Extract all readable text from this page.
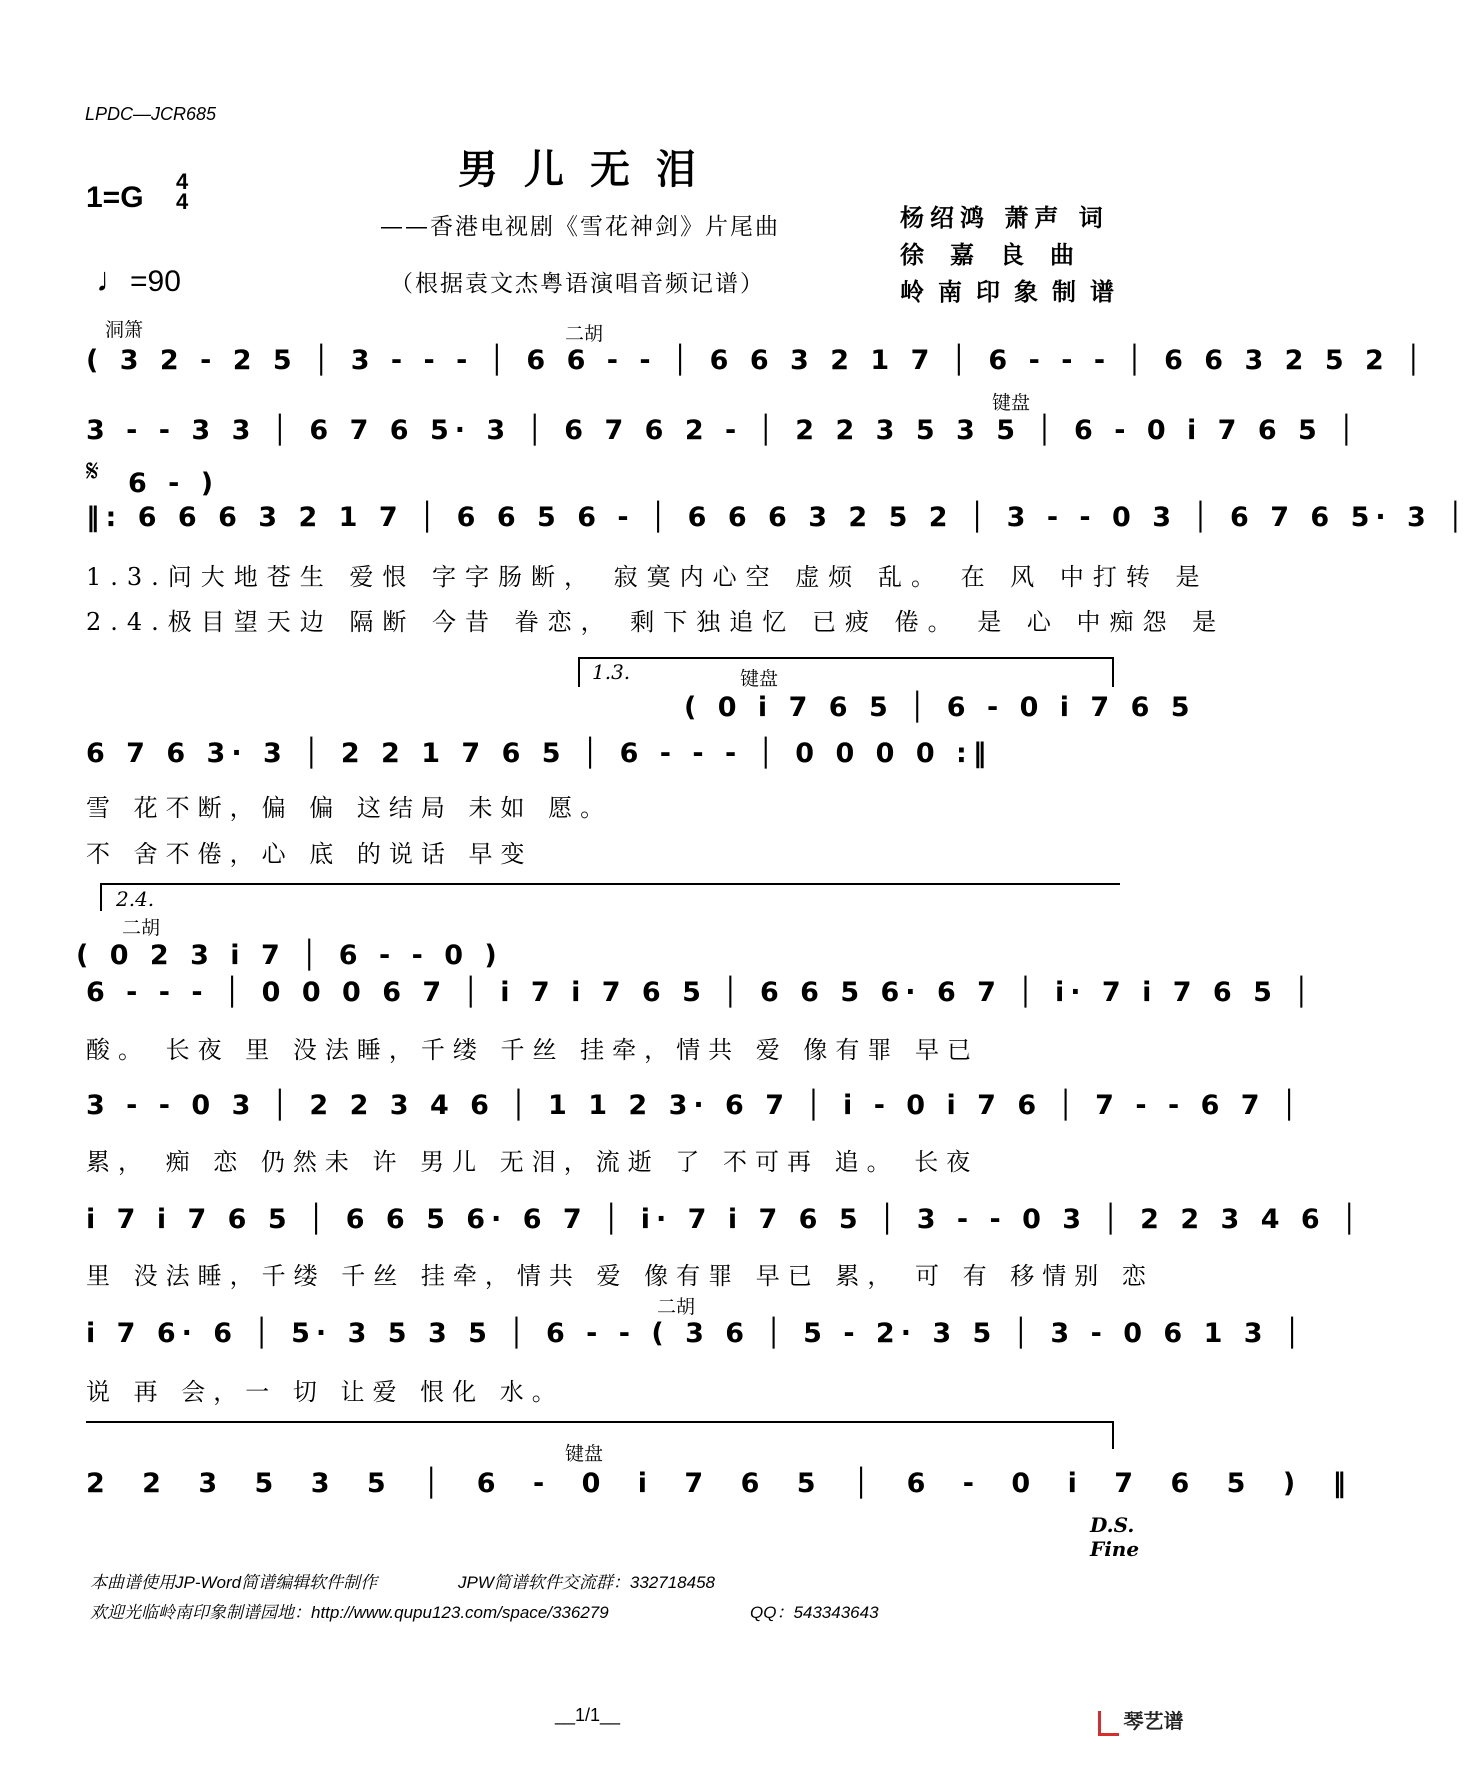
LPDC—JCR685
男儿无泪
——香港电视剧《雪花神剑》片尾曲
（根据袁文杰粤语演唱音频记谱）
1=G 4
4
♩=90
杨绍鸿 萧声 词
徐嘉良曲
岭南印象制谱
洞箫	二胡
( 3 2 - 2 5 │ 3 - - - │ 6 6 - - │ 6 6 3 2 1 7 │ 6 - - - │ 6 6 3 2 5 2 │
键盘
3 - - 3 3 │ 6 7 6 5· 3 │ 6 7 6 2 - │ 2 2 3 5 3 5 │ 6 - 0 i 7 6 5 │
𝄋 6 - )
‖: 6 6 6 3 2 1 7 │ 6 6 5 6 - │ 6 6 6 3 2 5 2 │ 3 - - 0 3 │ 6 7 6 5· 3 │
1.3.问大地苍生 爱恨 字字肠断， 寂寞内心空 虚烦 乱。 在 风 中打转 是
2.4.极目望天边 隔断 今昔 眷恋， 剩下独追忆 已疲 倦。 是 心 中痴怨 是
1.3.	键盘
( 0 i 7 6 5 │ 6 - 0 i 7 6 5
6 7 6 3· 3 │ 2 2 1 7 6 5 │ 6 - - - │ 0 0 0 0 :‖
雪 花不断，偏 偏 这结局 未如 愿。
不 舍不倦，心 底 的说话 早变
2.4.
二胡
( 0 2 3 i 7 │ 6 - - 0 )
6 - - - │ 0 0 0 6 7 │ i 7 i 7 6 5 │ 6 6 5 6· 6 7 │ i· 7 i 7 6 5 │
酸。 长夜 里 没法睡，千缕 千丝 挂牵，情共 爱 像有罪 早已
3 - - 0 3 │ 2 2 3 4 6 │ 1 1 2 3· 6 7 │ i - 0 i 7 6 │ 7 - - 6 7 │
累， 痴 恋 仍然未 许 男儿 无泪，流逝 了 不可再 追。 长夜
i 7 i 7 6 5 │ 6 6 5 6· 6 7 │ i· 7 i 7 6 5 │ 3 - - 0 3 │ 2 2 3 4 6 │
里 没法睡，千缕 千丝 挂牵，情共 爱 像有罪 早已 累， 可 有 移情别 恋
二胡
i 7 6· 6 │ 5· 3 5 3 5 │ 6 - - ( 3 6 │ 5 - 2· 3 5 │ 3 - 0 6 1 3 │
说 再 会，一 切 让爱 恨化 水。
键盘
2 2 3 5 3 5 │ 6 - 0 i 7 6 5 │ 6 - 0 i 7 6 5 ) ‖
D.S.
Fine
本曲谱使用JP-Word简谱编辑软件制作	JPW简谱软件交流群：332718458
欢迎光临岭南印象制谱园地：http://www.qupu123.com/space/336279	QQ：543343643
__1/1__	琴艺谱
